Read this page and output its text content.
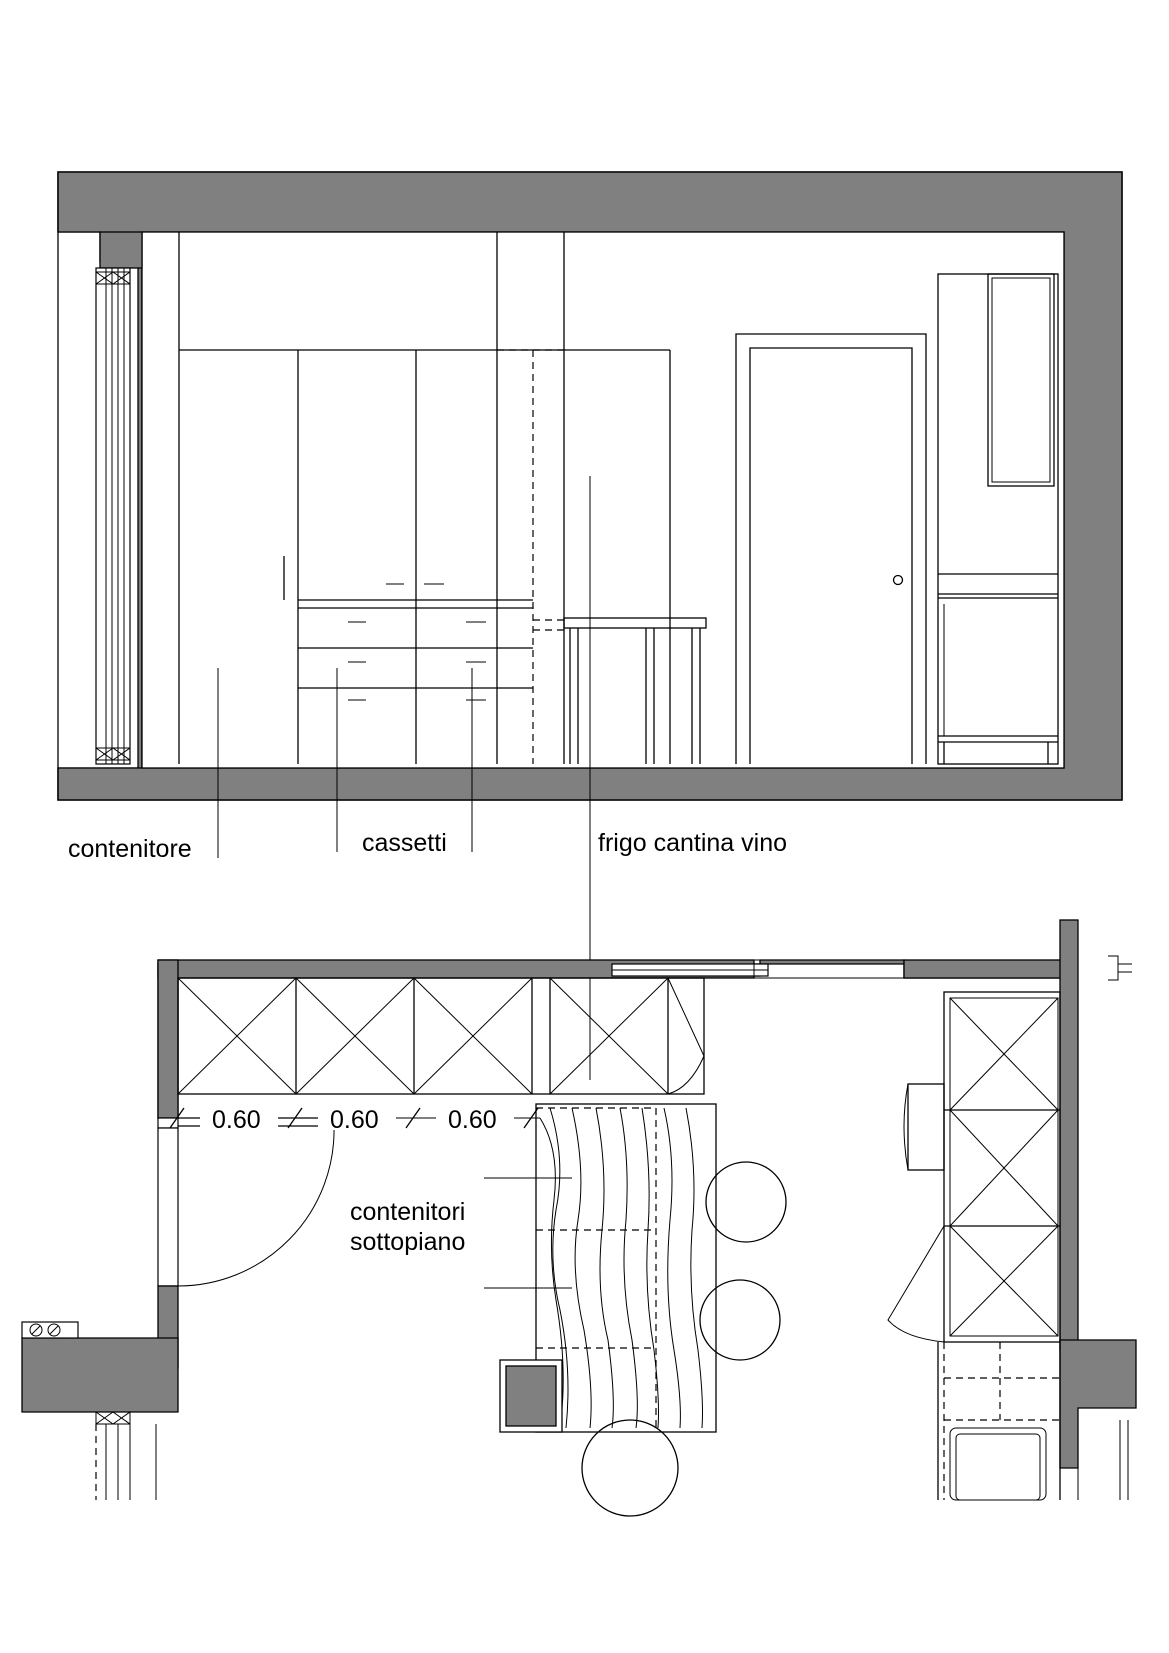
contenitore	cassetti	frigo cantina vino
0.60	0.60	0.60
contenitori
sottopiano
